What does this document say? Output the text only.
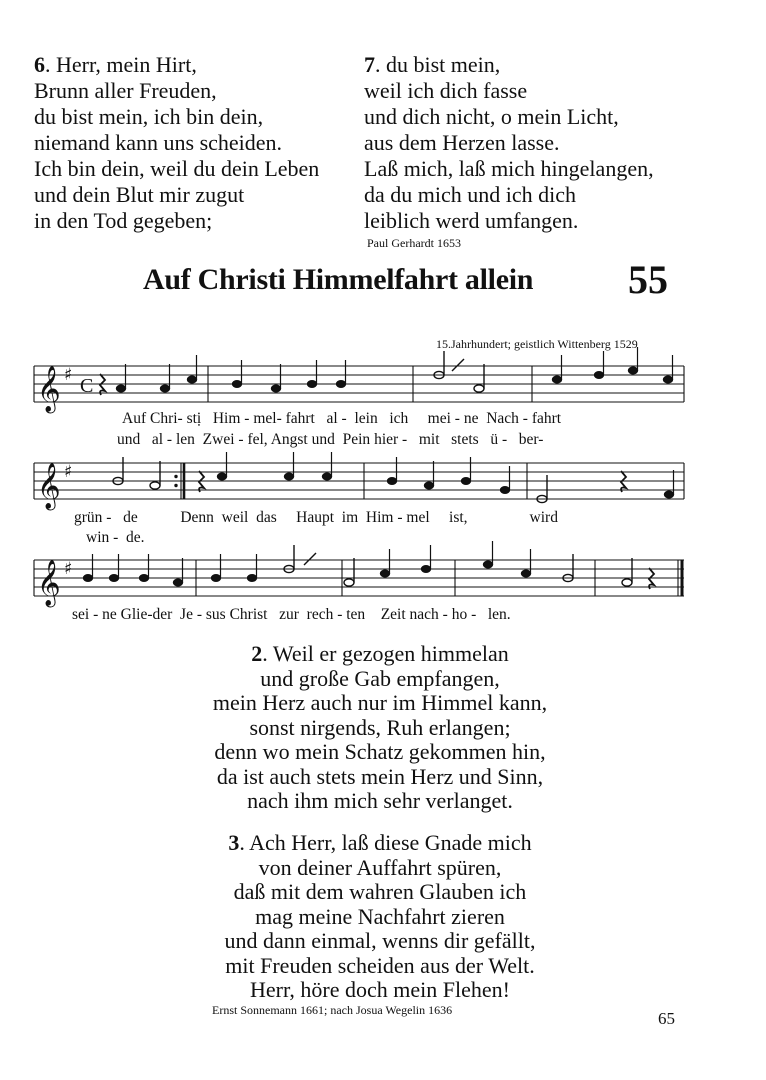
6. Herr, mein Hirt,
Brunn aller Freuden,
du bist mein, ich bin dein,
niemand kann uns scheiden.
Ich bin dein, weil du dein Leben
und dein Blut mir zugut
in den Tod gegeben;
7. du bist mein,
weil ich dich fasse
und dich nicht, o mein Licht,
aus dem Herzen lasse.
Laß mich, laß mich hingelangen,
da du mich und ich dich
leiblich werd umfangen.
Paul Gerhardt 1653
Auf Christi Himmelfahrt allein 55
15.Jahrhundert; geistlich Wittenberg 1529
𝄞 ♯ C
Auf Chri- stị Him - mel- fahrt al - lein ich mei - ne Nach - fahrt
und al - len Zwei - fel, Angst und Pein hier - mit stets ü - ber-
𝄞 ♯
grün - de	Denn weil das Haupt im Him - mel ist,	wird
win - de.
𝄞 ♯
sei - ne Glie-der Je - sus Christ zur rech - ten Zeit nach - ho - len.
2. Weil er gezogen himmelan
und große Gab empfangen,
mein Herz auch nur im Himmel kann,
sonst nirgends, Ruh erlangen;
denn wo mein Schatz gekommen hin,
da ist auch stets mein Herz und Sinn,
nach ihm mich sehr verlanget.
3. Ach Herr, laß diese Gnade mich
von deiner Auffahrt spüren,
daß mit dem wahren Glauben ich
mag meine Nachfahrt zieren
und dann einmal, wenns dir gefällt,
mit Freuden scheiden aus der Welt.
Herr, höre doch mein Flehen!
Ernst Sonnemann 1661; nach Josua Wegelin 1636	65
